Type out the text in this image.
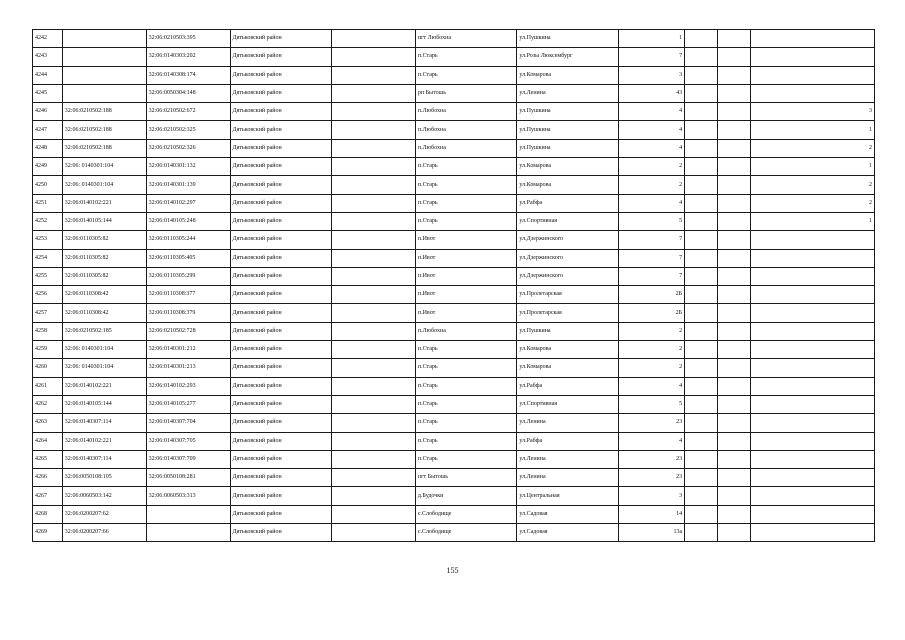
4242		32:06:0210503:395	Дятьковский район		пгт Любохна	ул.Пушкина	1			
4243		32:06:0140303:202	Дятьковский район		п.Старь	ул.Розы Люксембург	7			
4244		32:06:0140308:174	Дятьковский район		п.Старь	ул.Комарова	3			
4245		32:06:0050304:148	Дятьковский район		рп Бытошь	ул.Ленина	43			
4246	32:06:0210502:188	32:06:0210502:672	Дятьковский район		п.Любохна	ул.Пушкина	4			3
4247	32:06:0210502:188	32:06:0210502:325	Дятьковский район		п.Любохна	ул.Пушкина	4			1
4248	32:06:0210502:188	32:06:0210502:326	Дятьковский район		п.Любохна	ул.Пушкина	4			2
4249	32:06: 0140301:104	32:06:0140301:132	Дятьковский район		п.Старь	ул.Комарова	2			1
4250	32:06: 0140301:104	32:06:0140301:139	Дятьковский район		п.Старь	ул.Комарова	2			2
4251	32:06:0140102:221	32:06:0140102:297	Дятьковский район		п.Старь	ул.Рабфа	4			2
4252	32:06:0140105:144	32:06:0140105:248	Дятьковский район		п.Старь	ул.Спортивная	5			1
4253	32:06:0110305:82	32:06:0110305:244	Дятьковский район		п.Ивот	ул.Дзержинского	7			
4254	32:06:0110305:82	32:06:0110305:405	Дятьковский район		п.Ивот	ул.Дзержинского	7			
4255	32:06:0110305:82	32:06:0110305:299	Дятьковский район		п.Ивот	ул.Дзержинского	7			
4256	32:06:0110308:42	32:06:0110308:377	Дятьковский район		п.Ивот	ул.Пролетарская	2Б			
4257	32:06:0110308:42	32:06:0110308:379	Дятьковский район		п.Ивот	ул.Пролетарская	2Б			
4258	32:06:0210502:185	32:06:0210502:728	Дятьковский район		п.Любохна	ул.Пушкина	2			
4259	32:06: 0140301:104	32:06:0140301:212	Дятьковский район		п.Старь	ул.Комарова	2			
4260	32:06: 0140301:104	32:06:0140301:213	Дятьковский район		п.Старь	ул.Комарова	2			
4261	32:06:0140102:221	32:06:0140102:293	Дятьковский район		п.Старь	ул.Рабфа	4			
4262	32:06:0140105:144	32:06:0140105:277	Дятьковский район		п.Старь	ул.Спортивная	5			
4263	32:06:0140307:114	32:06:0140307:704	Дятьковский район		п.Старь	ул.Ленина	23			
4264	32:06:0140102:221	32:06:0140307:705	Дятьковский район		п.Старь	ул.Рабфа	4			
4265	32:06:0140307:114	32:06:0140307:709	Дятьковский район		п.Старь	ул.Ленина	23			
4266	32:06:0050108:105	32:06:0050108:281	Дятьковский район		пгт Бытошь	ул.Ленина	23			
4267	32:06:0060503:142	32:06:0060503:313	Дятьковский район		д.Будочки	ул.Центральная	3			
4268	32:06:0200207:62		Дятьковский район		с.Слободище	ул.Садовая	14			
4269	32:06:0200207:66		Дятьковский район		с.Слободище	ул.Садовая	13а			
155
